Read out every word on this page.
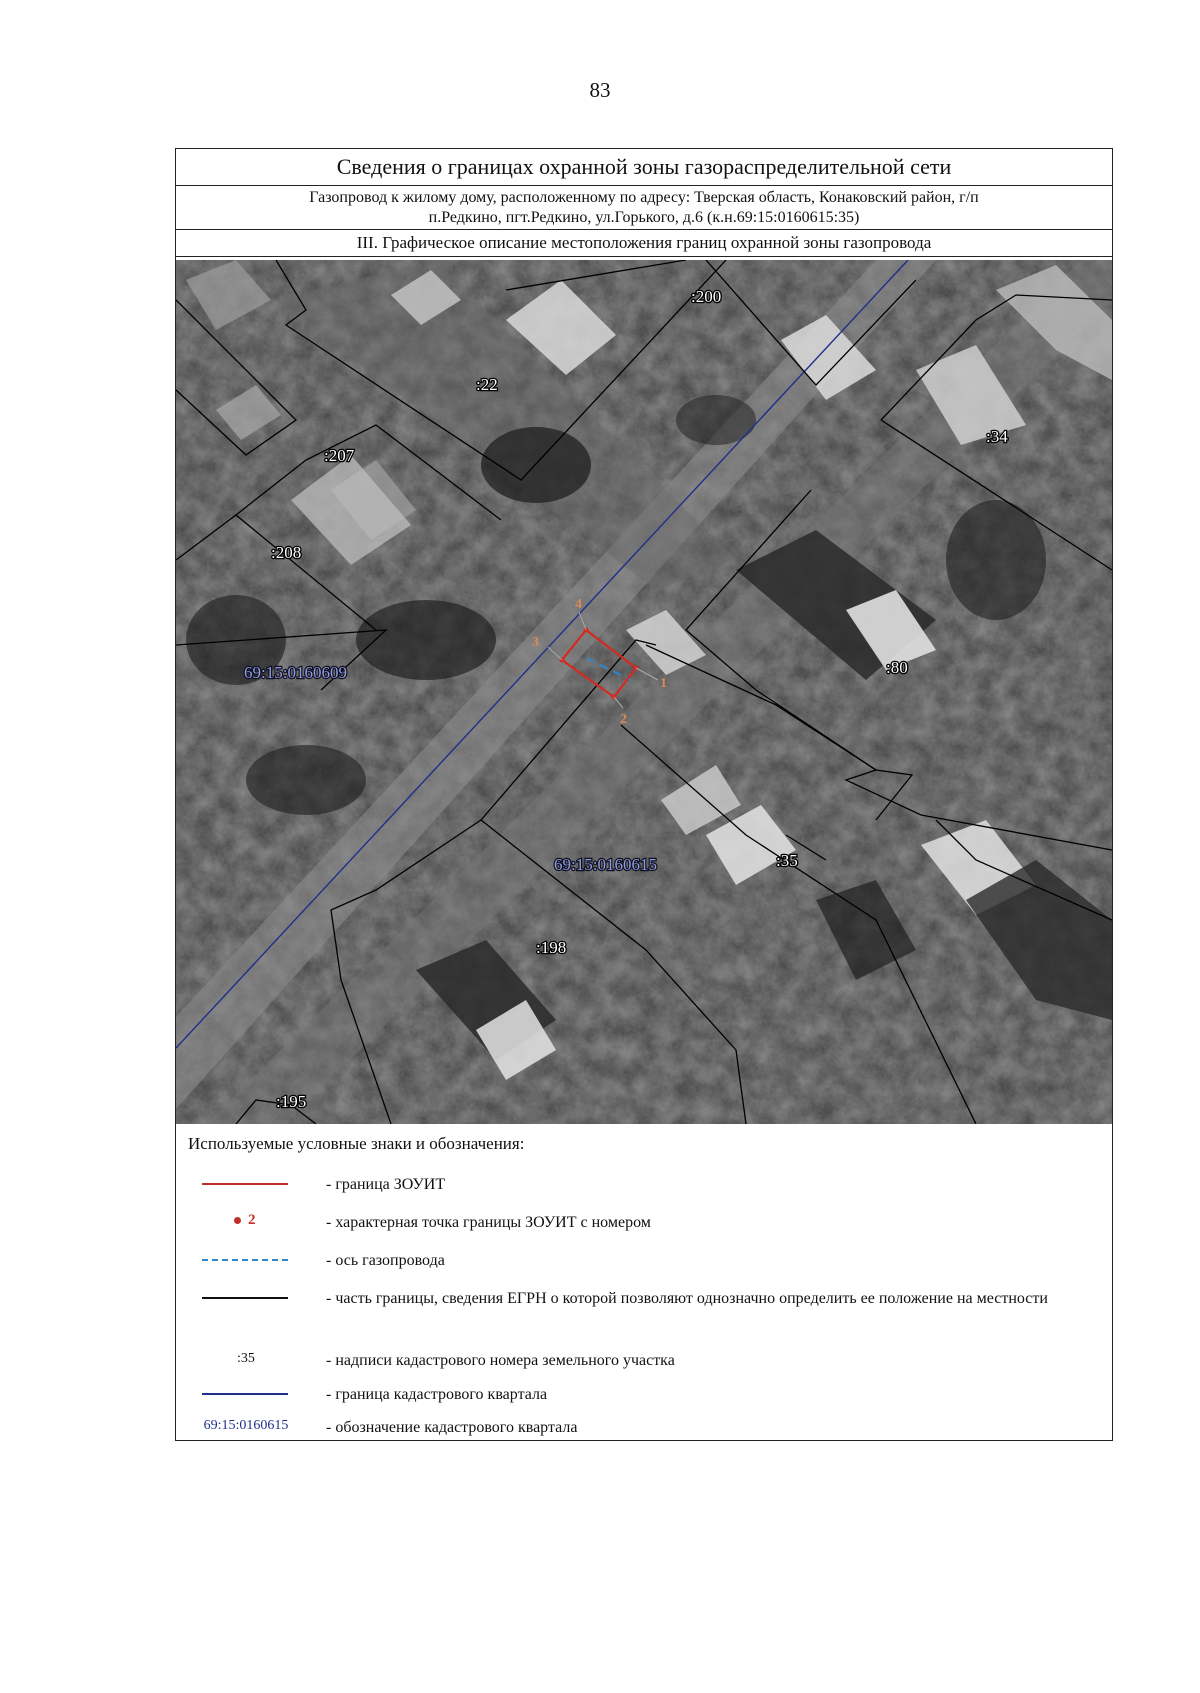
83
Сведения о границах охранной зоны газораспределительной сети
Газопровод к жилому дому, расположенному по адресу: Тверская область, Конаковский район, г/п
п.Редкино, пгт.Редкино, ул.Горького, д.6 (к.н.69:15:0160615:35)
III. Графическое описание местоположения границ охранной зоны газопровода
1
2
3
4
:200
:22
:207
:208
:34
:80
:35
:198
:195
69:15:0160609
69:15:0160615
Используемые условные знаки и обозначения:
- граница ЗОУИТ
2	- характерная точка границы ЗОУИТ с номером
- ось газопровода
- часть границы, сведения ЕГРН о которой позволяют однозначно определить ее положение на местности
:35	- надписи кадастрового номера земельного участка
- граница кадастрового квартала
69:15:0160615	- обозначение кадастрового квартала
